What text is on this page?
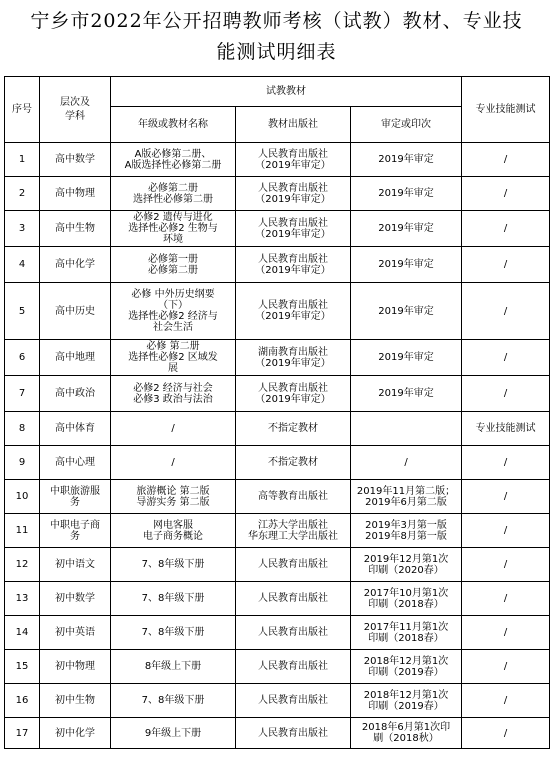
宁乡市2022年公开招聘教师考核（试教）教材、专业技
能测试明细表
序号	层次及
学科	试教教材			专业技能测试
		年级或教材名称	教材出版社	审定或印次	
1	高中数学	A版必修第二册、
A版选择性必修第二册	人民教育出版社
（2019年审定）	2019年审定	/
2	高中物理	必修第二册
选择性必修第二册	人民教育出版社
（2019年审定）	2019年审定	/
3	高中生物	必修2 遗传与进化
选择性必修2 生物与
环境	人民教育出版社
（2019年审定）	2019年审定	/
4	高中化学	必修第一册
必修第二册	人民教育出版社
（2019年审定）	2019年审定	/
5	高中历史	必修 中外历史纲要
（下）
选择性必修2 经济与
社会生活	人民教育出版社
（2019年审定）	2019年审定	/
6	高中地理	必修 第二册
选择性必修2 区域发
展	湖南教育出版社
（2019年审定）	2019年审定	/
7	高中政治	必修2 经济与社会
必修3 政治与法治	人民教育出版社
（2019年审定）	2019年审定	/
8	高中体育	/	不指定教材		专业技能测试
9	高中心理	/	不指定教材	/	/
10	中职旅游服
务	旅游概论 第二版
导游实务 第二版	高等教育出版社	2019年11月第二版；
2019年6月第二版	/
11	中职电子商
务	网电客服
电子商务概论	江苏大学出版社
华东理工大学出版社	2019年3月第一版
2019年8月第一版	/
12	初中语文	7、8年级下册	人民教育出版社	2019年12月第1次
印刷（2020春）	/
13	初中数学	7、8年级下册	人民教育出版社	2017年10月第1次
印刷（2018春）	/
14	初中英语	7、8年级下册	人民教育出版社	2017年11月第1次
印刷（2018春）	/
15	初中物理	8年级上下册	人民教育出版社	2018年12月第1次
印刷（2019春）	/
16	初中生物	7、8年级下册	人民教育出版社	2018年12月第1次
印刷（2019春）	/
17	初中化学	9年级上下册	人民教育出版社	2018年6月第1次印
刷（2018秋）	/
